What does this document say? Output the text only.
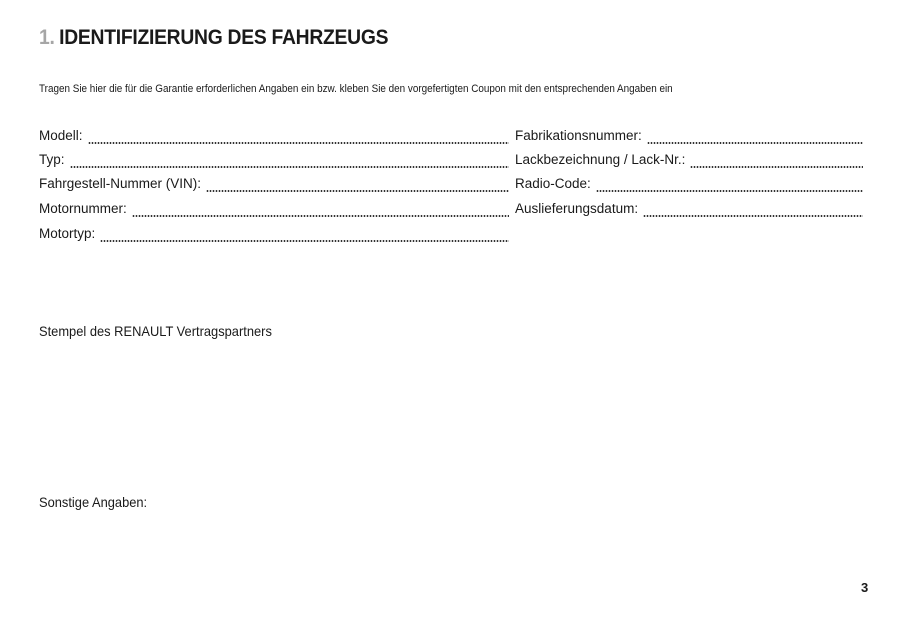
1. IDENTIFIZIERUNG DES FAHRZEUGS
Tragen Sie hier die für die Garantie erforderlichen Angaben ein bzw. kleben Sie den vorgefertigten Coupon mit den entsprechenden Angaben ein
Modell:
Typ:
Fahrgestell-Nummer (VIN):
Motornummer:
Motortyp:
Fabrikationsnummer:
Lackbezeichnung / Lack-Nr.:
Radio-Code:
Auslieferungsdatum:
Stempel des RENAULT Vertragspartners
Sonstige Angaben:
3
